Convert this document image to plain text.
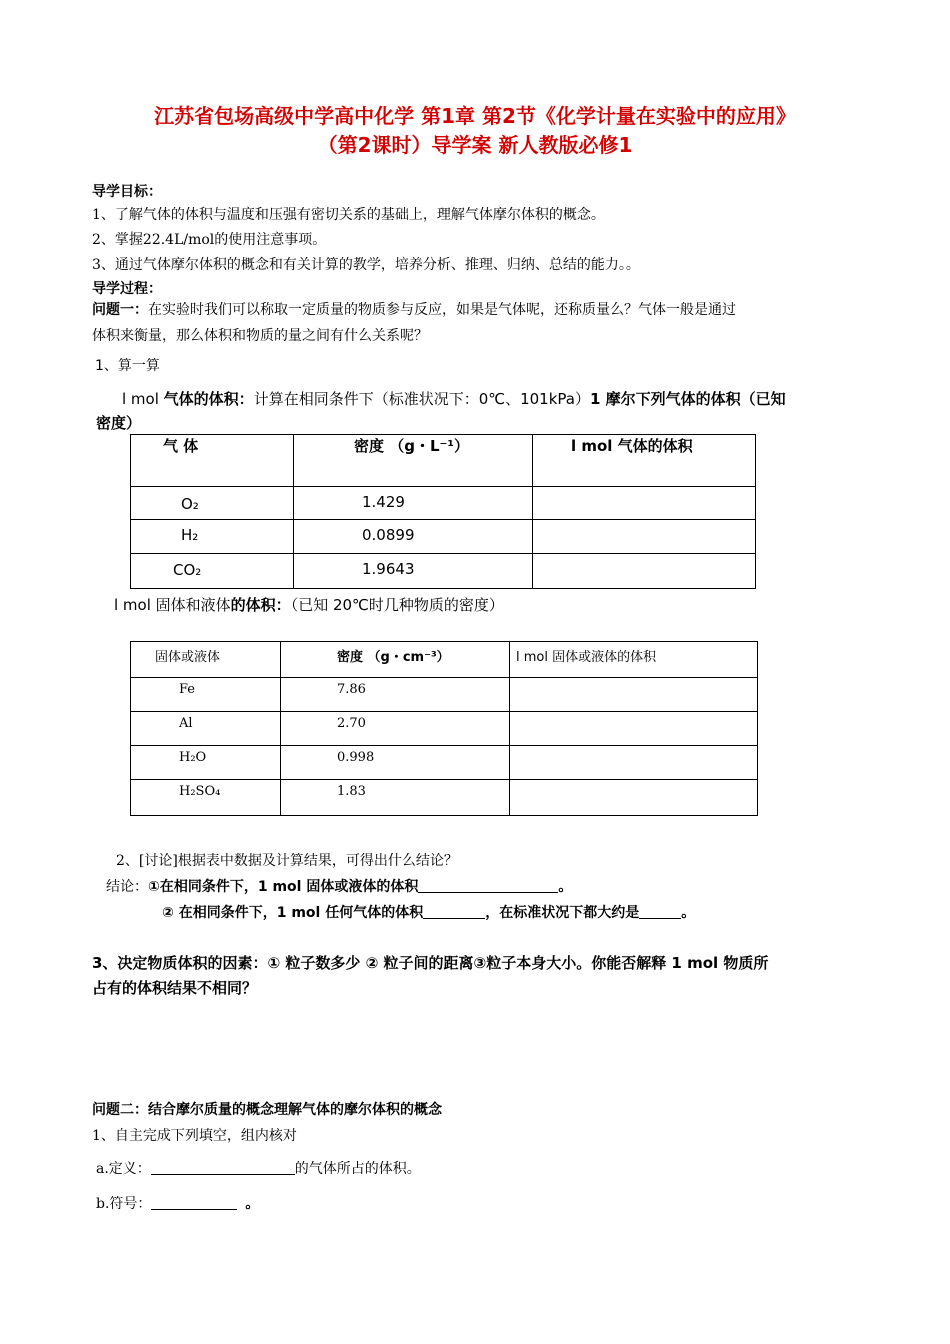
江苏省包场高级中学高中化学 第1章 第2节《化学计量在实验中的应用》
（第2课时）导学案 新人教版必修1
导学目标：
1、了解气体的体积与温度和压强有密切关系的基础上，理解气体摩尔体积的概念。
2、掌握22.4L/mol的使用注意事项。
3、通过气体摩尔体积的概念和有关计算的教学，培养分析、推理、归纳、总结的能力。。
导学过程：
问题一：在实验时我们可以称取一定质量的物质参与反应，如果是气体呢，还称质量么？气体一般是通过
体积来衡量，那么体积和物质的量之间有什么关系呢？
1、算一算
l mol 气体的体积：计算在相同条件下（标准状况下：0℃、101kPa）1 摩尔下列气体的体积（已知
密度）
气 体	密度 （g・L⁻¹）	l mol 气体的体积
O₂	1.429	
H₂	0.0899	
CO₂	1.9643	
l mol 固体和液体的体积：（已知 20℃时几种物质的密度）
固体或液体	密度 （g・cm⁻³）	l mol 固体或液体的体积
Fe	7.86	
Al	2.70	
H₂O	0.998	
H₂SO₄	1.83	
2、[讨论]根据表中数据及计算结果，可得出什么结论？
结论：①在相同条件下，1 mol 固体或液体的体积	。
② 在相同条件下，1 mol 任何气体的体积	，在标准状况下都大约是	。
3、决定物质体积的因素：① 粒子数多少 ② 粒子间的距离③粒子本身大小。你能否解释 1 mol 物质所
占有的体积结果不相同？
问题二：结合摩尔质量的概念理解气体的摩尔体积的概念
1、自主完成下列填空，组内核对
a.定义：	的气体所占的体积。
b.符号：	。
